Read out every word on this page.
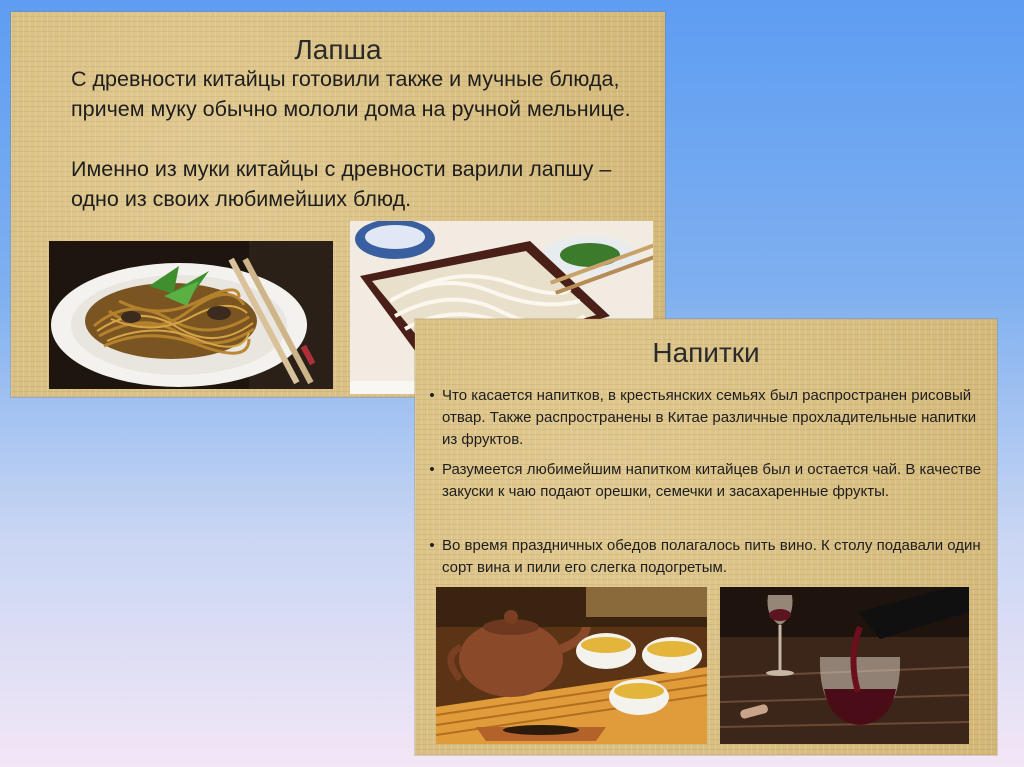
Лапша
С древности китайцы готовили также и мучные блюда, причем муку обычно мололи дома на ручной мельнице.
Именно из муки китайцы с древности варили лапшу – одно из своих любимейших блюд.
Напитки
• Что касается напитков, в крестьянских семьях был распространен рисовый отвар. Также распространены в Китае различные прохладительные напитки из фруктов.
• Разумеется любимейшим напитком китайцев был и остается чай. В качестве закуски к чаю подают орешки, семечки и засахаренные фрукты.
• Во время праздничных обедов полагалось пить вино. К столу подавали один сорт вина и пили его слегка подогретым.
